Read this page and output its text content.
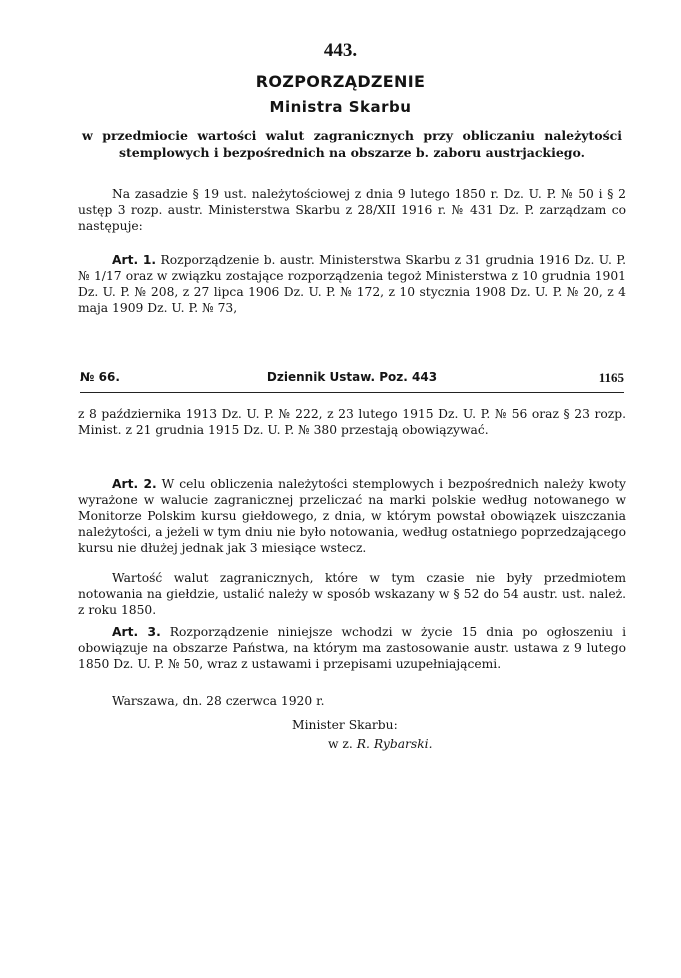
443.
ROZPORZĄDZENIE
Ministra Skarbu
w przedmiocie wartości walut zagranicznych przy obliczaniu należytości stemplowych i bezpośrednich na obszarze b. zaboru austrjackiego.
Na zasadzie § 19 ust. należytościowej z dnia 9 lutego 1850 r. Dz. U. P. № 50 i § 2 ustęp 3 rozp. austr. Ministerstwa Skarbu z 28/XII 1916 r. № 431 Dz. P. zarządzam co następuje:
Art. 1. Rozporządzenie b. austr. Ministerstwa Skarbu z 31 grudnia 1916 Dz. U. P. № 1/17 oraz w związku zostające rozporządzenia tegoż Ministerstwa z 10 grudnia 1901 Dz. U. P. № 208, z 27 lipca 1906 Dz. U. P. № 172, z 10 stycznia 1908 Dz. U. P. № 20, z 4 maja 1909 Dz. U. P. № 73,
№ 66.	Dziennik Ustaw. Poz. 443	1165
z 8 października 1913 Dz. U. P. № 222, z 23 lutego 1915 Dz. U. P. № 56 oraz § 23 rozp. Minist. z 21 grudnia 1915 Dz. U. P. № 380 przestają obowiązywać.
Art. 2. W celu obliczenia należytości stemplowych i bezpośrednich należy kwoty wyrażone w walucie zagranicznej przeliczać na marki polskie według notowanego w Monitorze Polskim kursu giełdowego, z dnia, w którym powstał obowiązek uiszczania należytości, a jeżeli w tym dniu nie było notowania, według ostatniego poprzedzającego kursu nie dłużej jednak jak 3 miesiące wstecz.
Wartość walut zagranicznych, które w tym czasie nie były przedmiotem notowania na giełdzie, ustalić należy w sposób wskazany w § 52 do 54 austr. ust. należ. z roku 1850.
Art. 3. Rozporządzenie niniejsze wchodzi w życie 15 dnia po ogłoszeniu i obowiązuje na obszarze Państwa, na którym ma zastosowanie austr. ustawa z 9 lutego 1850 Dz. U. P. № 50, wraz z ustawami i przepisami uzupełniającemi.
Warszawa, dn. 28 czerwca 1920 r.
Minister Skarbu:
w z. R. Rybarski.
